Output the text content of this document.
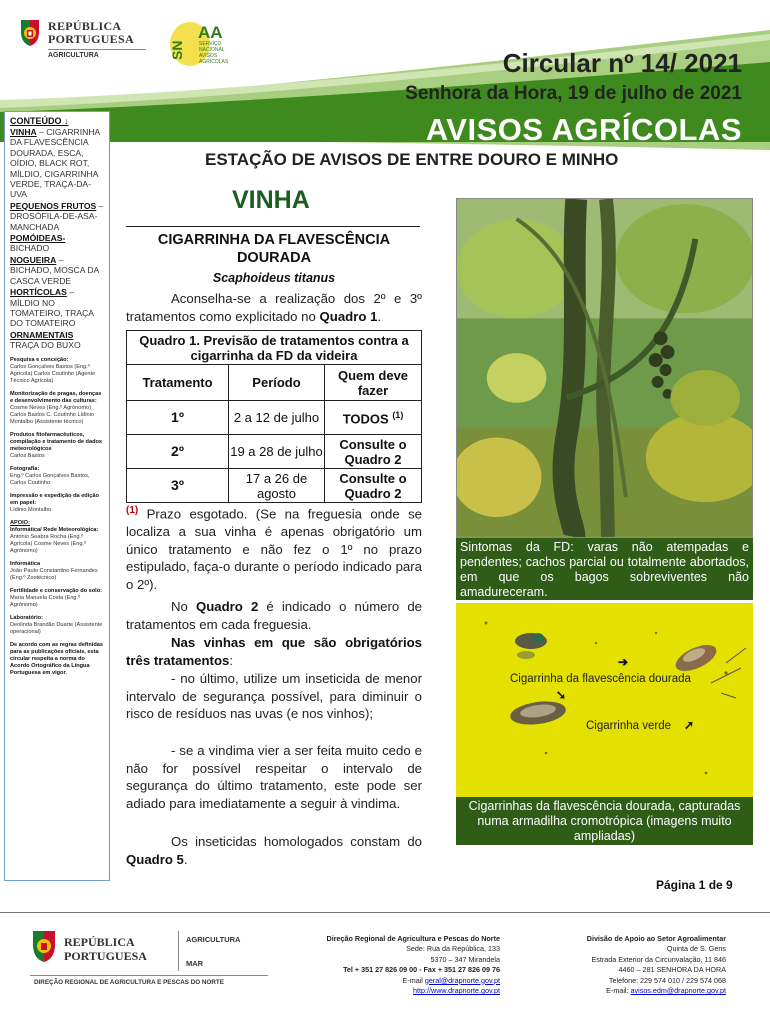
REPÚBLICA
PORTUGUESA
AGRICULTURA	SN
AA
SERVIÇO
NACIONAL
AVISOS
AGRÍCOLAS	Circular nº 14/ 2021
Senhora da Hora, 19 de julho de 2021
AVISOS AGRÍCOLAS
ESTAÇÃO DE AVISOS DE ENTRE DOURO E MINHO
CONTEÚDO ↓
VINHA – CIGARRINHA DA FLAVESCÊNCIA DOURADA, ESCA, OÍDIO, BLACK ROT, MÍLDIO, CIGARRINHA VERDE, TRAÇA-DA-UVA
PEQUENOS FRUTOS – DROSÓFILA-DE-ASA-MANCHADA
POMÓIDEAS- BICHADO
NOGUEIRA – BICHADO, MOSCA DA CASCA VERDE
HORTÍCOLAS – MÍLDIO NO TOMATEIRO, TRAÇA DO TOMATEIRO
ORNAMENTAIS TRAÇA DO BUXO
Pesquisa e conceção:
Carlos Gonçalves Bastos (Eng.º Agrícola) Carlos Coutinho (Agente Técnico Agrícola)
Monitorização de pragas, doenças e desenvolvimento das culturas:
Cosme Neves (Eng.º Agrónomo) Carlos Bastos C. Coutinho Lídinio Montalbo (Assistente técnico)
Produtos fitofarmacêuticos, compilação e tratamento de dados meteorológicos
Carlos Bastos
Fotografia:
Eng.º Carlos Gonçalves Bastos, Carlos Coutinho
Impressão e expedição da edição em papel:
Lídinio Montalbo
APOIO:
Informática/ Rede Meteorológica:
António Seabra Rocha (Eng.º Agrícola) Cosme Neves (Eng.º Agrónomo)
Informática
João Paulo Constantino Fernandes (Eng.º Zootécnico)
Fertilidade e conservação do solo:
Maria Manuela Costa (Eng.º Agrónomo)
Laboratório:
Deolinda Brandão Duarte (Assistente operacional)
De acordo com as regras definidas para as publicações oficiais, esta circular respeita a norma do Acordo Ortográfico da Língua Portuguesa em vigor.
VINHA
CIGARRINHA DA FLAVESCÊNCIA DOURADA
Scaphoideus titanus
Aconselha-se a realização dos 2º e 3º tratamentos como explicitado no Quadro 1.
Quadro 1. Previsão de tratamentos contra a cigarrinha da FD da videira		
Tratamento	Período	Quem deve fazer
1º	2 a 12 de julho	TODOS $^{(1)}$
2º	19 a 28 de julho	Consulte o Quadro 2
3º	17 a 26 de agosto	Consulte o Quadro 2
$^{(1)}$ Prazo esgotado. (Se na freguesia onde se localiza a sua vinha é apenas obrigatório um único tratamento e não fez o 1º no prazo estipulado, faça-o durante o período indicado para o 2º).
No Quadro 2 é indicado o número de tratamentos em cada freguesia.
Nas vinhas em que são obrigatórios três tratamentos:
- no último, utilize um inseticida de menor intervalo de segurança possível, para diminuir o risco de resíduos nas uvas (e nos vinhos);
- se a vindima vier a ser feita muito cedo e não for possível respeitar o intervalo de segurança do último tratamento, este pode ser adiado para imediatamente a seguir à vindima.
Os inseticidas homologados constam do Quadro 5.
Página 1 de 9
Sintomas da FD: varas não atempadas e pendentes; cachos parcial ou totalmente abortados, em que os bagos sobreviventes não amadureceram.
Cigarrinha da flavescência dourada
Cigarrinha verde
➔
➘
➚
Cigarrinhas da flavescência dourada, capturadas numa armadilha cromotrópica (imagens muito ampliadas)
REPÚBLICA
PORTUGUESA
AGRICULTURA
MAR
DIREÇÃO REGIONAL DE AGRICULTURA E PESCAS DO NORTE
Direção Regional de Agricultura e Pescas do Norte
Sede: Rua da República, 133
5370 – 347 Mirandela
Tel + 351 27 826 09 00 - Fax + 351 27 826 09 76
E-mail geral@drapnorte.gov.pt
http://www.drapnorte.gov.pt
Divisão de Apoio ao Setor Agroalimentar
Quinta de S. Gens
Estrada Exterior da Circunvalação, 11 846
4460 – 281 SENHORA DA HORA
Telefone: 229 574 010 / 229 574 068
E-mail: avisos.edm@drapnorte.gov.pt
